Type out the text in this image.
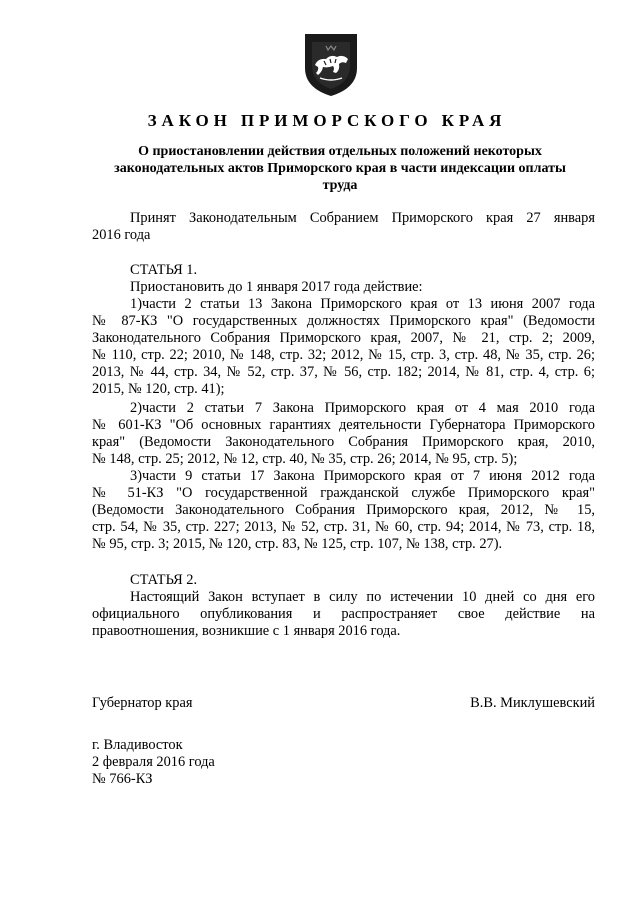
ЗАКОН ПРИМОРСКОГО КРАЯ
О приостановлении действия отдельных положений некоторых
законодательных актов Приморского края в части индексации оплаты
труда
Принят Законодательным Собранием Приморского края 27 января
2016 года
СТАТЬЯ 1.
Приостановить до 1 января 2017 года действие:
1)части 2 статьи 13 Закона Приморского края от 13 июня 2007 года
№ 87-КЗ "О государственных должностях Приморского края" (Ведомости
Законодательного Собрания Приморского края, 2007, № 21, стр. 2; 2009,
№ 110, стр. 22; 2010, № 148, стр. 32; 2012, № 15, стр. 3, стр. 48, № 35, стр. 26;
2013, № 44, стр. 34, № 52, стр. 37, № 56, стр. 182; 2014, № 81, стр. 4, стр. 6;
2015, № 120, стр. 41);
2)части 2 статьи 7 Закона Приморского края от 4 мая 2010 года
№ 601-КЗ "Об основных гарантиях деятельности Губернатора Приморского
края" (Ведомости Законодательного Собрания Приморского края, 2010,
№ 148, стр. 25; 2012, № 12, стр. 40, № 35, стр. 26; 2014, № 95, стр. 5);
3)части 9 статьи 17 Закона Приморского края от 7 июня 2012 года
№ 51-КЗ "О государственной гражданской службе Приморского края"
(Ведомости Законодательного Собрания Приморского края, 2012, № 15,
стр. 54, № 35, стр. 227; 2013, № 52, стр. 31, № 60, стр. 94; 2014, № 73, стр. 18,
№ 95, стр. 3; 2015, № 120, стр. 83, № 125, стр. 107, № 138, стр. 27).
СТАТЬЯ 2.
Настоящий Закон вступает в силу по истечении 10 дней со дня его
официального опубликования и распространяет свое действие на
правоотношения, возникшие с 1 января 2016 года.
Губернатор края	В.В. Миклушевский
г. Владивосток
2 февраля 2016 года
№ 766-КЗ
